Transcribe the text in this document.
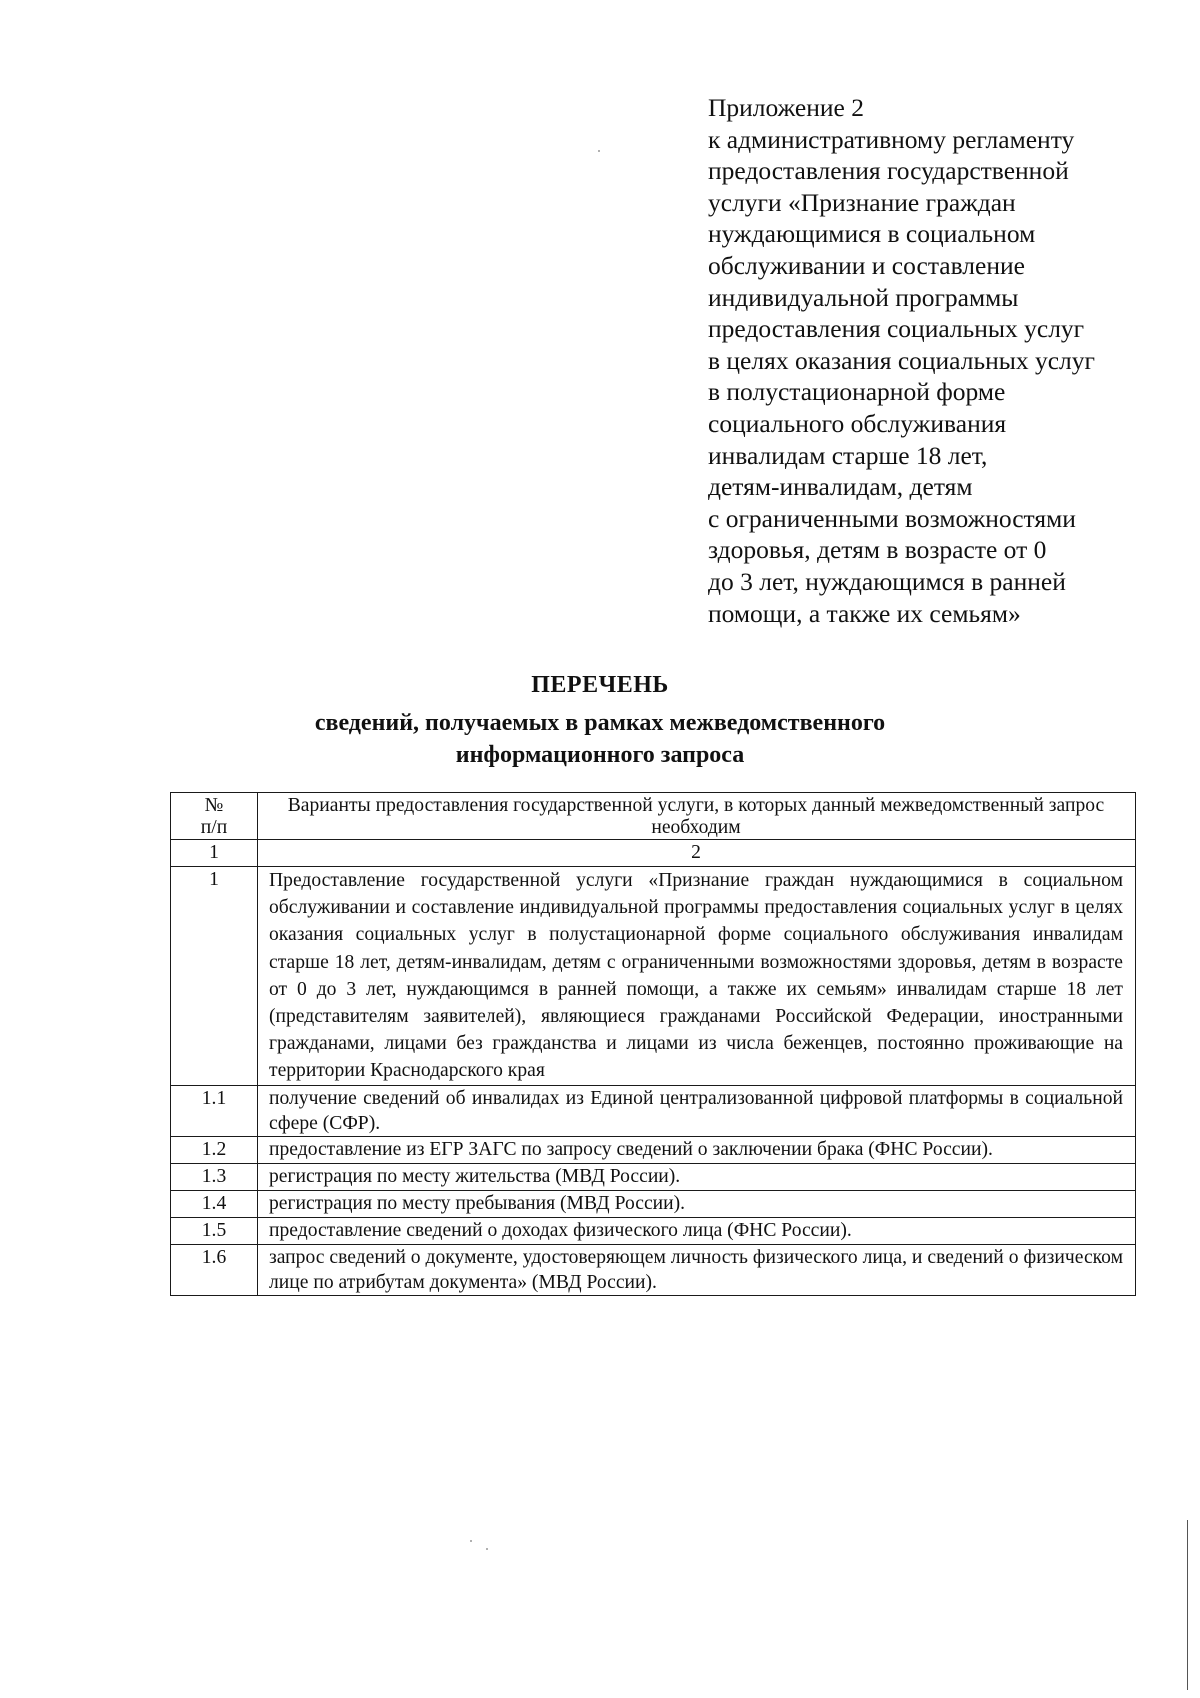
Приложение 2
к административному регламенту
предоставления государственной
услуги «Признание граждан
нуждающимися в социальном
обслуживании и составление
индивидуальной программы
предоставления социальных услуг
в целях оказания социальных услуг
в полустационарной форме
социального обслуживания
инвалидам старше 18 лет,
детям-инвалидам, детям
с ограниченными возможностями
здоровья, детям в возрасте от 0
до 3 лет, нуждающимся в ранней
помощи, а также их семьям»
ПЕРЕЧЕНЬ
сведений, получаемых в рамках межведомственного
информационного запроса
№
п/п	Варианты предоставления государственной услуги, в которых данный межведомственный запрос необходим
1	2
1	Предоставление государственной услуги «Признание граждан нуждающимися в социальном обслуживании и составление индивидуальной программы предоставления социальных услуг в целях оказания социальных услуг в полустационарной форме социального обслуживания инвалидам старше 18 лет, детям-инвалидам, детям с ограниченными возможностями здоровья, детям в возрасте от 0 до 3 лет, нуждающимся в ранней помощи, а также их семьям» инвалидам старше 18 лет (представителям заявителей), являющиеся гражданами Российской Федерации, иностранными гражданами, лицами без гражданства и лицами из числа беженцев, постоянно проживающие на территории Краснодарского края
1.1	получение сведений об инвалидах из Единой централизованной цифровой платформы в социальной сфере (СФР).
1.2	предоставление из ЕГР ЗАГС по запросу сведений о заключении брака (ФНС России).
1.3	регистрация по месту жительства (МВД России).
1.4	регистрация по месту пребывания (МВД России).
1.5	предоставление сведений о доходах физического лица (ФНС России).
1.6	запрос сведений о документе, удостоверяющем личность физического лица, и сведений о физическом лице по атрибутам документа» (МВД России).
